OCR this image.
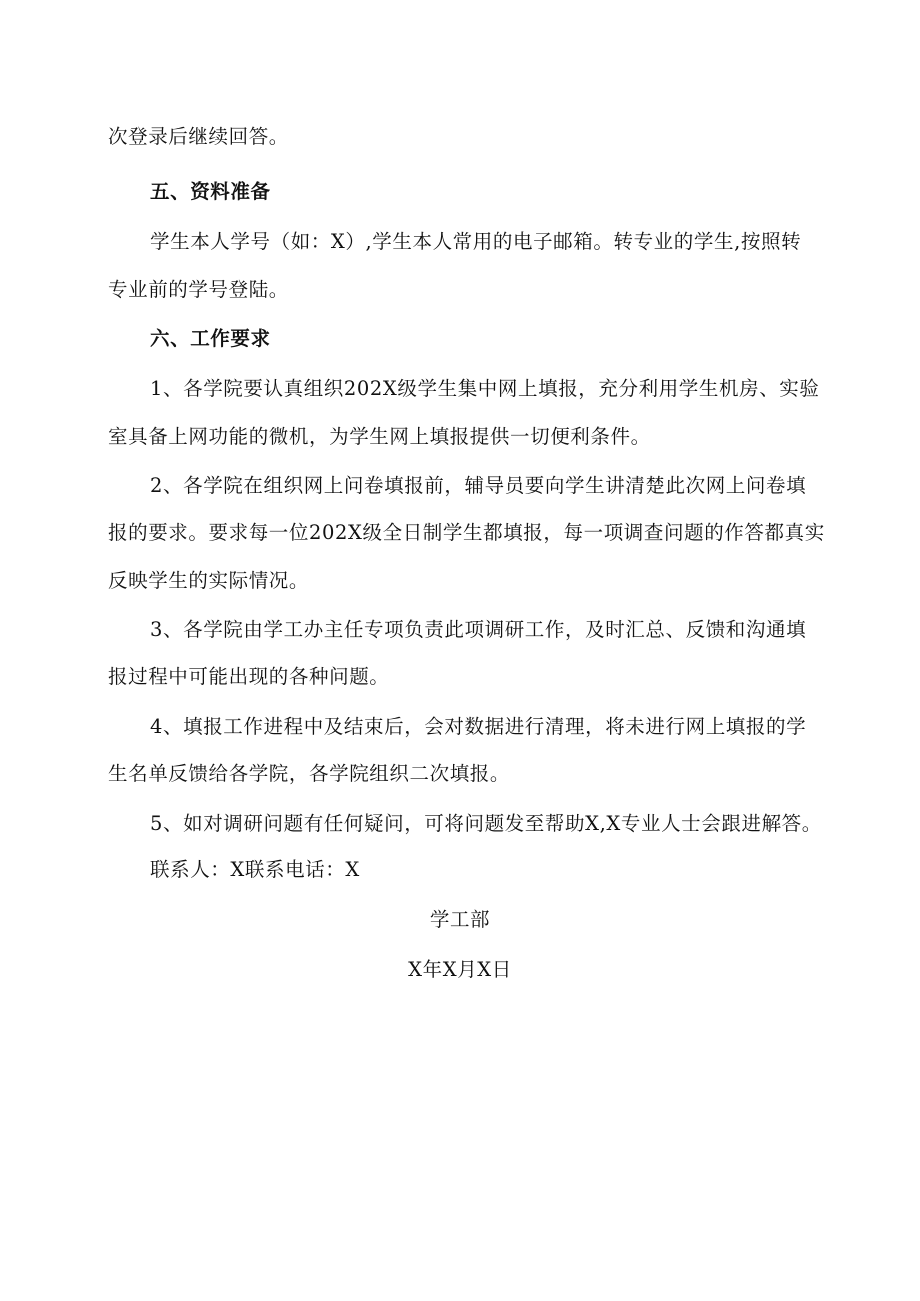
次登录后继续回答。
五、资料准备
学生本人学号（如：X）,学生本人常用的电子邮箱。转专业的学生,按照转
专业前的学号登陆。
六、工作要求
1、各学院要认真组织202X级学生集中网上填报，充分利用学生机房、实验
室具备上网功能的微机，为学生网上填报提供一切便利条件。
2、各学院在组织网上问卷填报前，辅导员要向学生讲清楚此次网上问卷填
报的要求。要求每一位202X级全日制学生都填报，每一项调查问题的作答都真实
反映学生的实际情况。
3、各学院由学工办主任专项负责此项调研工作，及时汇总、反馈和沟通填
报过程中可能出现的各种问题。
4、填报工作进程中及结束后，会对数据进行清理，将未进行网上填报的学
生名单反馈给各学院，各学院组织二次填报。
5、如对调研问题有任何疑问，可将问题发至帮助X,X专业人士会跟进解答。
联系人：X联系电话：X
学工部
X年X月X日
